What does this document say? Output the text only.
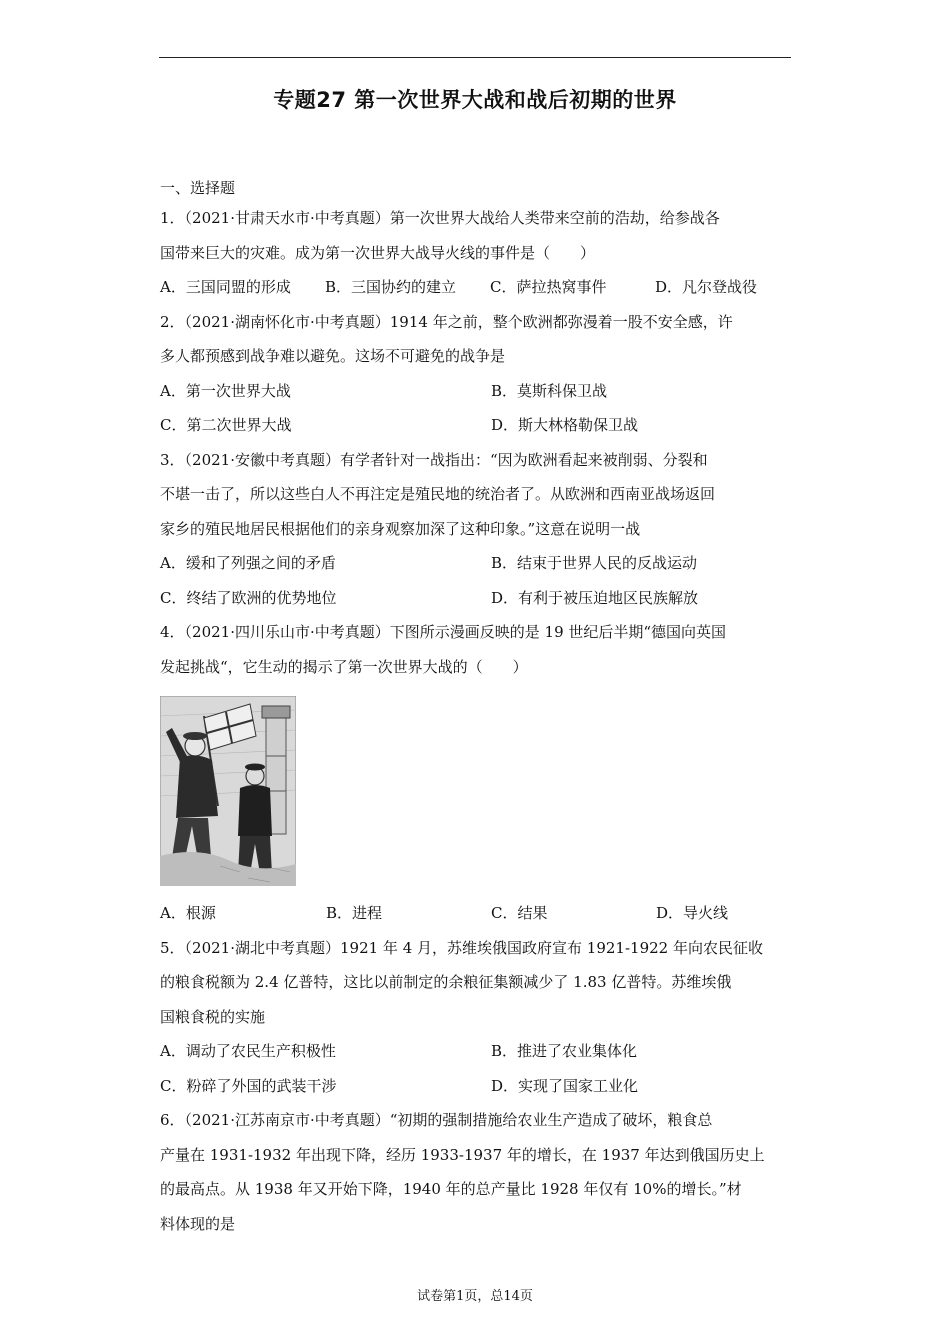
专题27 第一次世界大战和战后初期的世界
一、选择题
1．（2021·甘肃天水市·中考真题）第一次世界大战给人类带来空前的浩劫，给参战各
国带来巨大的灾难。成为第一次世界大战导火线的事件是（　　）
A．三国同盟的形成 B．三国协约的建立 C．萨拉热窝事件	D．凡尔登战役
2．（2021·湖南怀化市·中考真题）1914 年之前，整个欧洲都弥漫着一股不安全感，许
多人都预感到战争难以避免。这场不可避免的战争是
A．第一次世界大战	B．莫斯科保卫战
C．第二次世界大战	D．斯大林格勒保卫战
3．（2021·安徽中考真题）有学者针对一战指出：“因为欧洲看起来被削弱、分裂和
不堪一击了，所以这些白人不再注定是殖民地的统治者了。从欧洲和西南亚战场返回
家乡的殖民地居民根据他们的亲身观察加深了这种印象。”这意在说明一战
A．缓和了列强之间的矛盾	B．结束于世界人民的反战运动
C．终结了欧洲的优势地位	D．有利于被压迫地区民族解放
4．（2021·四川乐山市·中考真题）下图所示漫画反映的是 19 世纪后半期“德国向英国
发起挑战“，它生动的揭示了第一次世界大战的（　　）
A．根源	B．进程	C．结果	D．导火线
5．（2021·湖北中考真题）1921 年 4 月，苏维埃俄国政府宣布 1921-1922 年向农民征收
的粮食税额为 2.4 亿普特，这比以前制定的余粮征集额减少了 1.83 亿普特。苏维埃俄
国粮食税的实施
A．调动了农民生产积极性	B．推进了农业集体化
C．粉碎了外国的武装干涉	D．实现了国家工业化
6．（2021·江苏南京市·中考真题）“初期的强制措施给农业生产造成了破坏，粮食总
产量在 1931-1932 年出现下降，经历 1933-1937 年的增长，在 1937 年达到俄国历史上
的最高点。从 1938 年又开始下降，1940 年的总产量比 1928 年仅有 10%的增长。”材
料体现的是
试卷第1页，总14页
